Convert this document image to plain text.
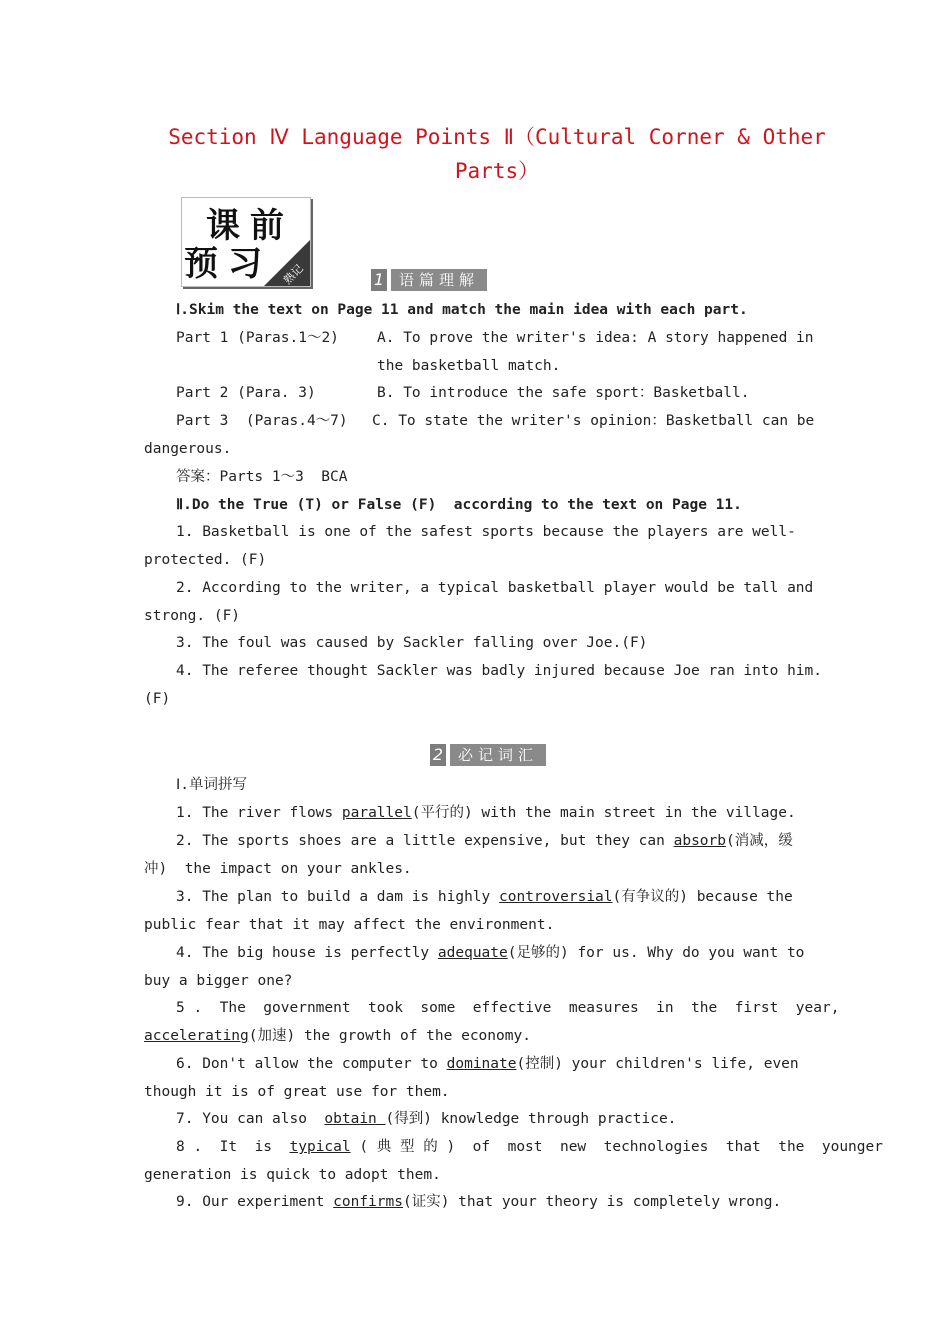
Section Ⅳ Language Points Ⅱ（Cultural Corner & Other
Parts）
课前
预习 熟记	1 语篇理解
Ⅰ.Skim the text on Page 11 and match the main idea with each part.
Part 1 (Paras.1～2)	A. To prove the writer's idea: A story happened in
the basketball match.
Part 2 (Para. 3)	B. To introduce the safe sport：Basketball.
Part 3  (Paras.4～7)	C. To state the writer's opinion：Basketball can be
dangerous.
答案：Parts 1～3  BCA
Ⅱ.Do the True (T) or False (F)  according to the text on Page 11.
1. Basketball is one of the safest sports because the players are well-
protected. (F)
2. According to the writer, a typical basketball player would be tall and
strong. (F)
3. The foul was caused by Sackler falling over Joe.(F)
4. The referee thought Sackler was badly injured because Joe ran into him.
(F)
2 必记词汇
Ⅰ.单词拼写
1. The river flows parallel(平行的) with the main street in the village.
2. The sports shoes are a little expensive, but they can absorb(消减，缓
冲)  the impact on your ankles.
3. The plan to build a dam is highly controversial(有争议的) because the
public fear that it may affect the environment.
4. The big house is perfectly adequate(足够的) for us. Why do you want to
buy a bigger one?
5 .  The  government  took  some  effective  measures  in  the  first  year,
accelerating(加速) the growth of the economy.
6. Don't allow the computer to dominate(控制) your children's life, even
though it is of great use for them.
7. You can also  obtain (得到) knowledge through practice.
8 .  It  is  typical ( 典 型 的 )  of  most  new  technologies  that  the  younger
generation is quick to adopt them.
9. Our experiment confirms(证实) that your theory is completely wrong.
